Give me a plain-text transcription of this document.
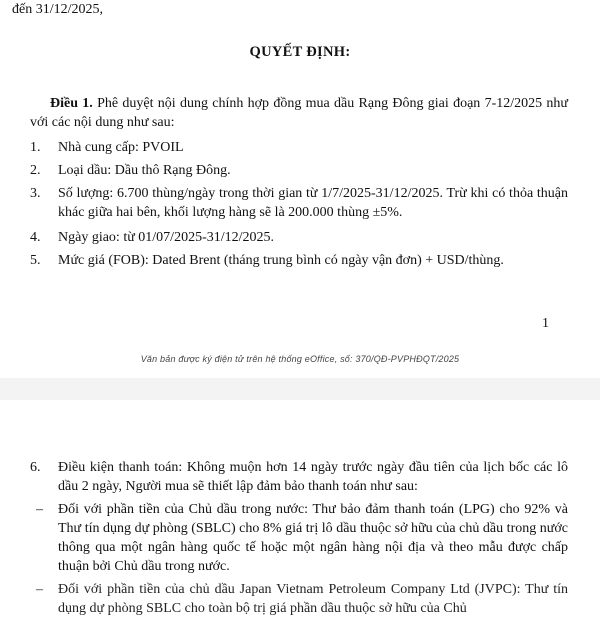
đến 31/12/2025,
QUYẾT ĐỊNH:
Điều 1. Phê duyệt nội dung chính hợp đồng mua dầu Rạng Đông giai đoạn 7-12/2025 như với các nội dung như sau:
1.	Nhà cung cấp: PVOIL
2.	Loại dầu: Dầu thô Rạng Đông.
3.	Số lượng: 6.700 thùng/ngày trong thời gian từ 1/7/2025-31/12/2025. Trừ khi có thỏa thuận khác giữa hai bên, khối lượng hàng sẽ là 200.000 thùng ±5%.
4.	Ngày giao: từ 01/07/2025-31/12/2025.
5.	Mức giá (FOB): Dated Brent (tháng trung bình có ngày vận đơn) + USD/thùng.
1
Văn bản được ký điện tử trên hệ thống eOffice, số: 370/QĐ-PVPHĐQT/2025
6.	Điều kiện thanh toán: Không muộn hơn 14 ngày trước ngày đầu tiên của lịch bốc các lô dầu 2 ngày, Người mua sẽ thiết lập đảm bảo thanh toán như sau:
– Đối với phần tiền của Chủ dầu trong nước: Thư bảo đảm thanh toán (LPG) cho 92% và Thư tín dụng dự phòng (SBLC) cho 8% giá trị lô dầu thuộc sở hữu của chủ dầu trong nước thông qua một ngân hàng quốc tế hoặc một ngân hàng nội địa và theo mẫu được chấp thuận bởi Chủ dầu trong nước.
– Đối với phần tiền của chủ dầu Japan Vietnam Petroleum Company Ltd (JVPC): Thư tín dụng dự phòng SBLC cho toàn bộ trị giá phần dầu thuộc sở hữu của Chủ
